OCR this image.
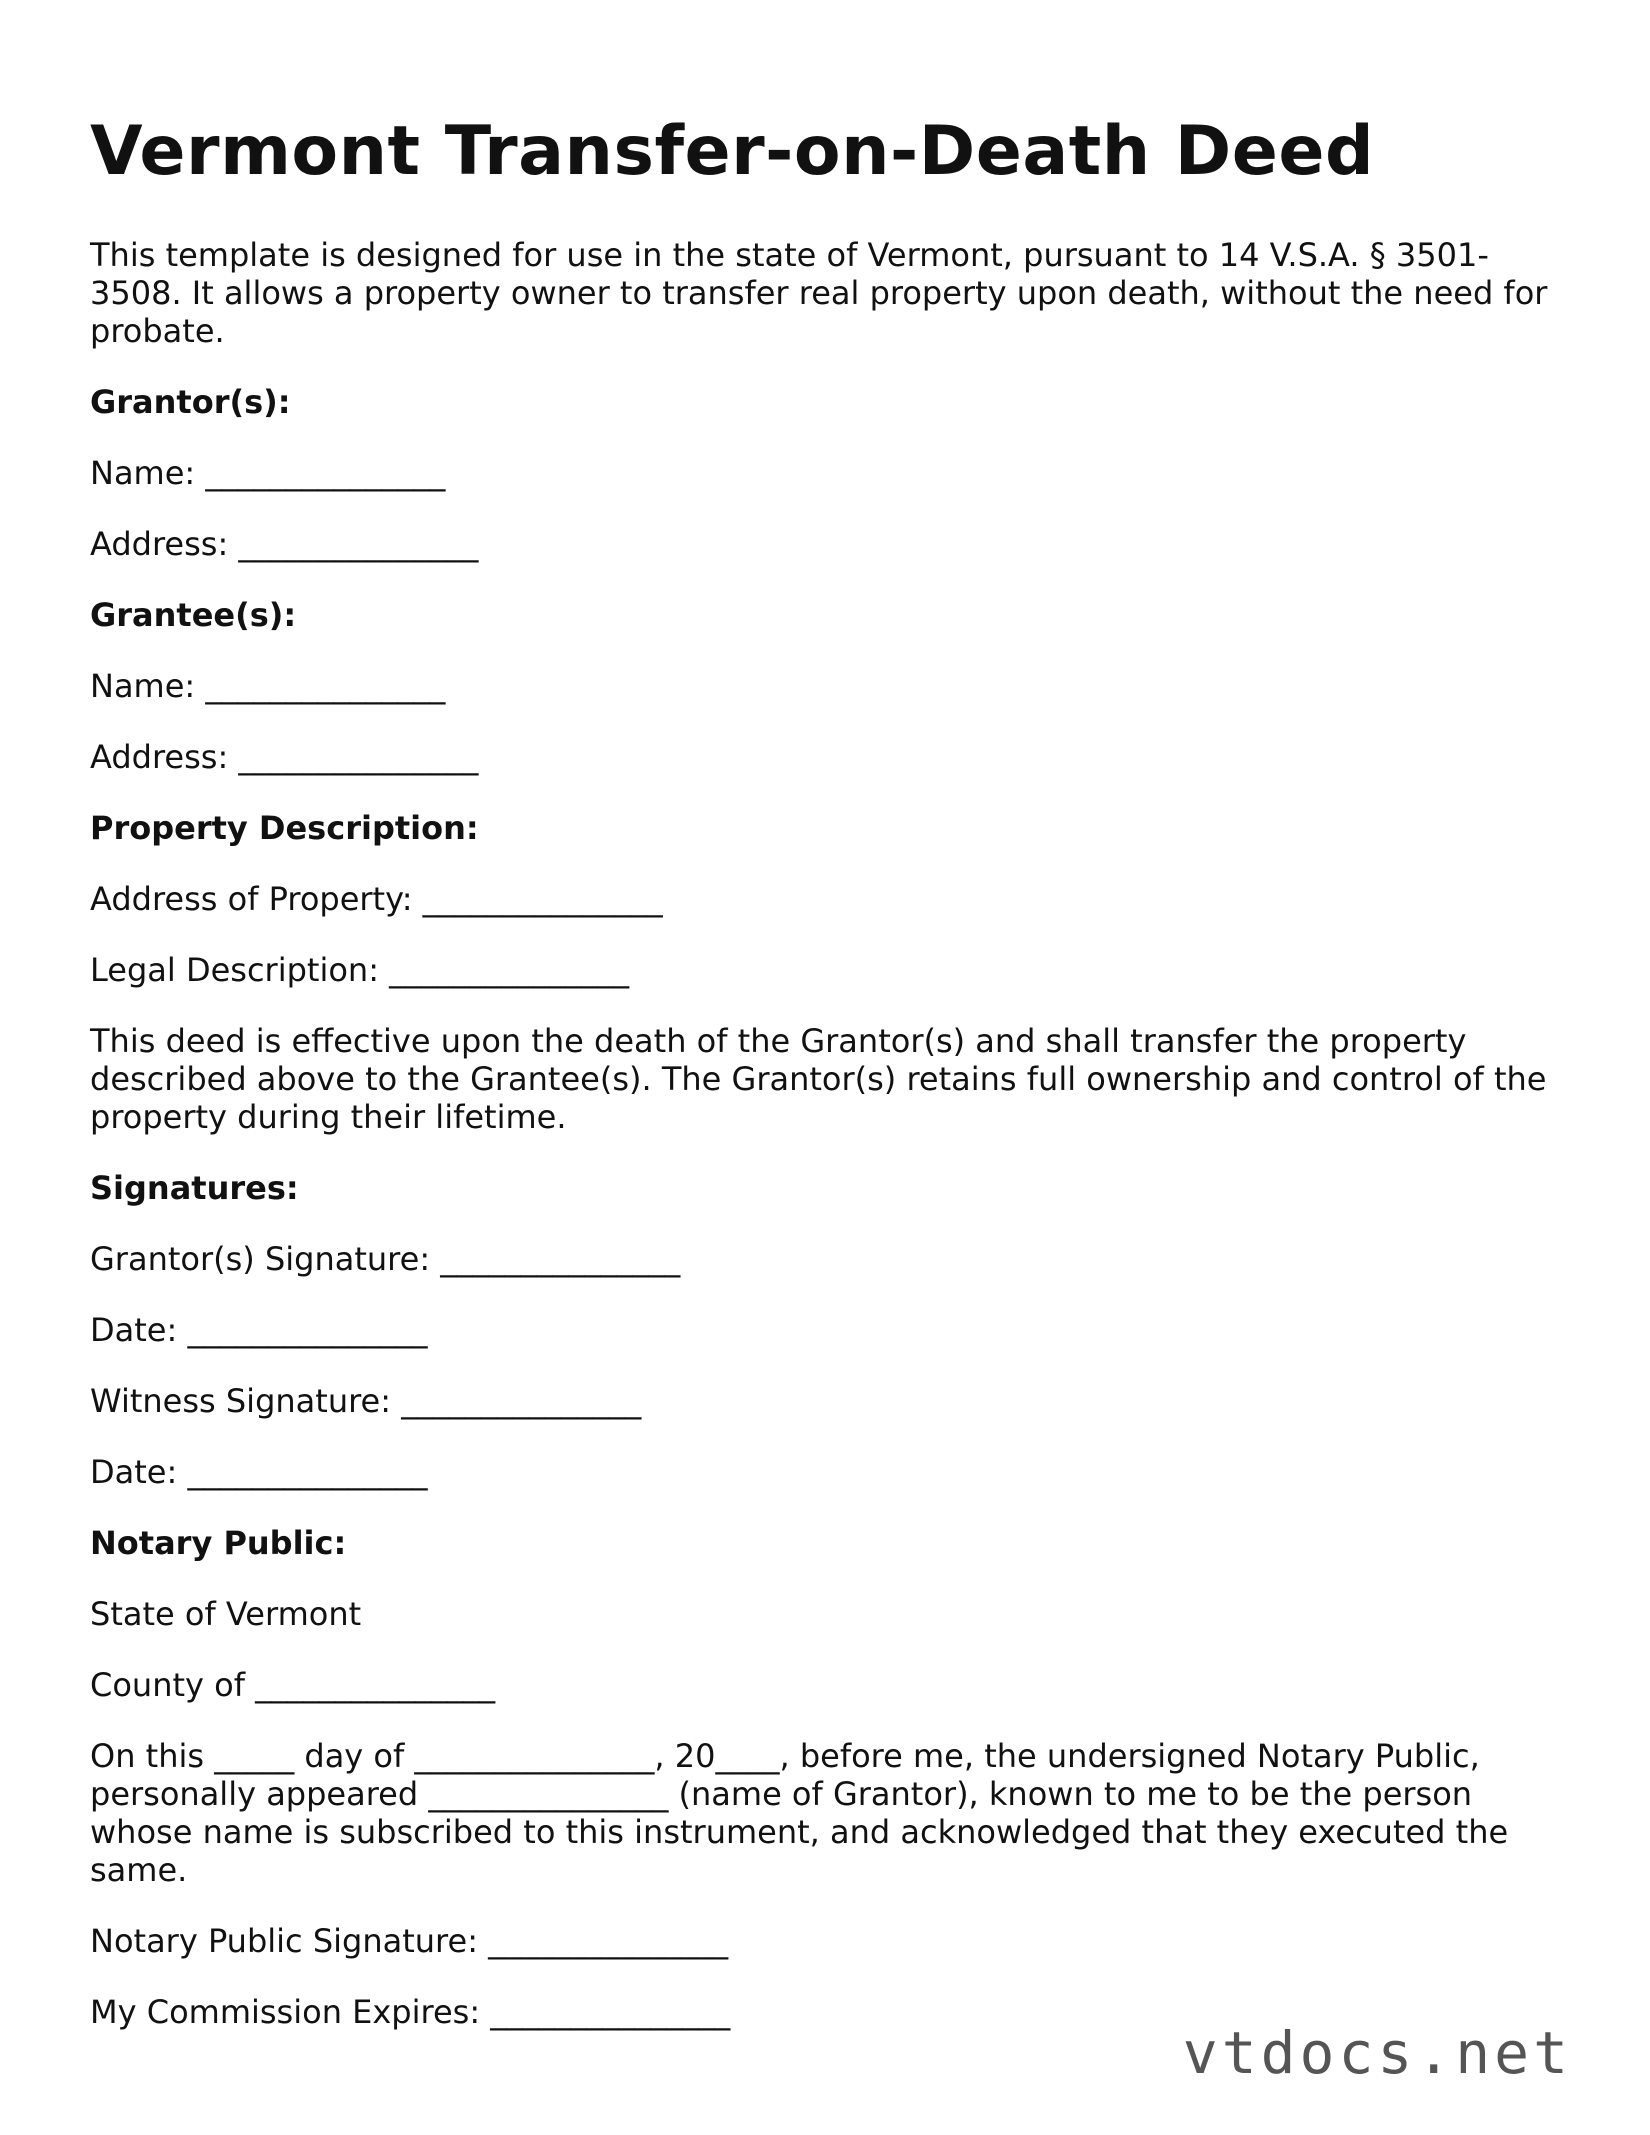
Vermont Transfer-on-Death Deed

This template is designed for use in the state of Vermont, pursuant to 14 V.S.A. § 3501-3508. It allows a property owner to transfer real property upon death, without the need for probate.

Grantor(s):

Name: _______________

Address: _______________

Grantee(s):

Name: _______________

Address: _______________

Property Description:

Address of Property: _______________

Legal Description: _______________

This deed is effective upon the death of the Grantor(s) and shall transfer the property described above to the Grantee(s). The Grantor(s) retains full ownership and control of the property during their lifetime.

Signatures:

Grantor(s) Signature: _______________

Date: _______________

Witness Signature: _______________

Date: _______________

Notary Public:

State of Vermont

County of _______________

On this _____ day of _______________, 20____, before me, the undersigned Notary Public, personally appeared _______________ (name of Grantor), known to me to be the person whose name is subscribed to this instrument, and acknowledged that they executed the same.

Notary Public Signature: _______________

My Commission Expires: _______________

vtdocs.net
